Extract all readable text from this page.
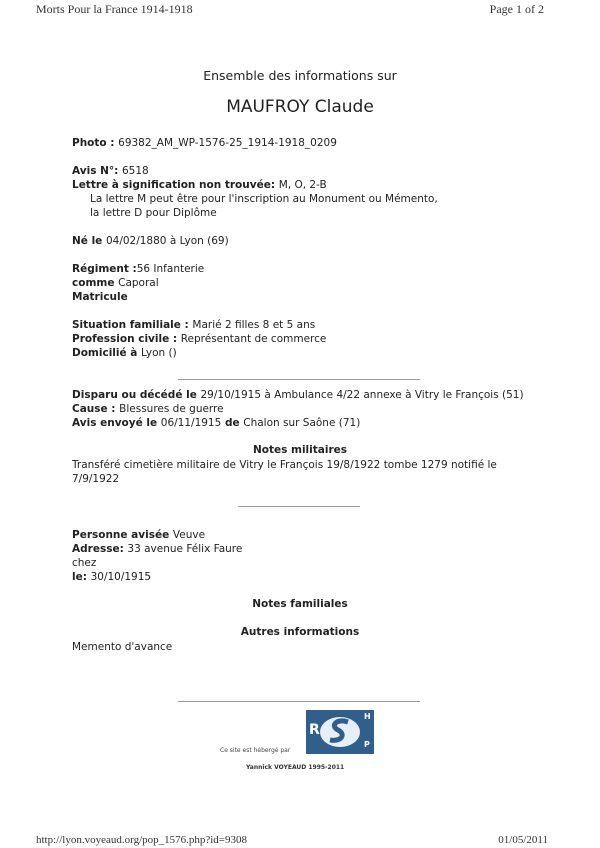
Morts Pour la France 1914-1918	Page 1 of 2
Ensemble des informations sur
MAUFROY Claude
Photo : 69382_AM_WP-1576-25_1914-1918_0209
Avis N°: 6518
Lettre à signification non trouvée: M, O, 2-B
La lettre M peut être pour l'inscription au Monument ou Mémento,
la lettre D pour Diplôme
Né le 04/02/1880 à Lyon (69)
Régiment :56 Infanterie
comme Caporal
Matricule
Situation familiale : Marié 2 filles 8 et 5 ans
Profession civile : Représentant de commerce
Domicilié à Lyon ()
Disparu ou décédé le 29/10/1915 à Ambulance 4/22 annexe à Vitry le François (51)
Cause : Blessures de guerre
Avis envoyé le 06/11/1915 de Chalon sur Saône (71)
Notes militaires
Transféré cimetière militaire de Vitry le François 19/8/1922 tombe 1279 notifié le
7/9/1922
Personne avisée Veuve
Adresse: 33 avenue Félix Faure
chez
le: 30/10/1915
Notes familiales
Autres informations
Memento d'avance
Ce site est hébergé par
R
H
P
Yannick VOYEAUD 1995-2011
http://lyon.voyeaud.org/pop_1576.php?id=9308	01/05/2011
